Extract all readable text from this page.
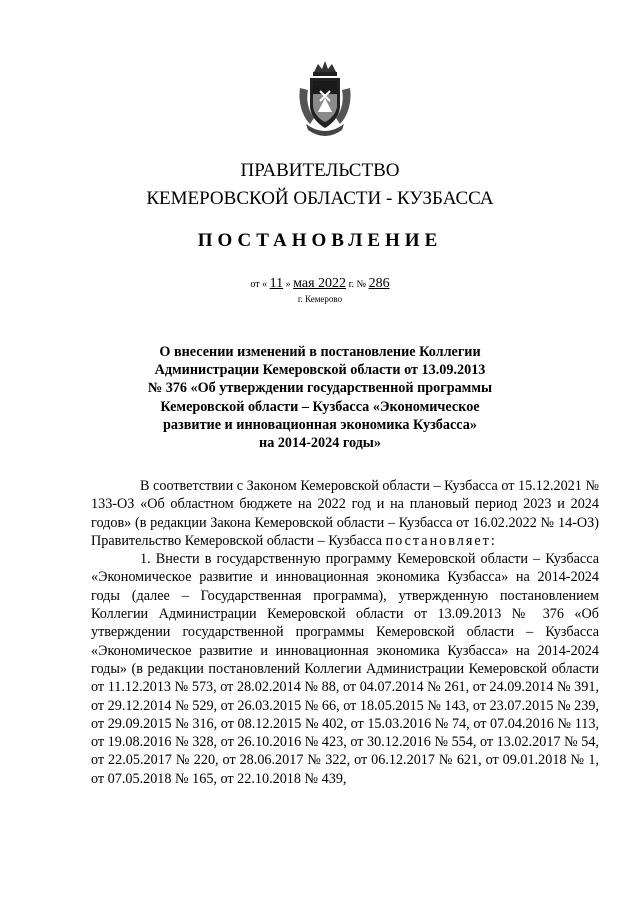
ПРАВИТЕЛЬСТВО
КЕМЕРОВСКОЙ ОБЛАСТИ - КУЗБАССА
ПОСТАНОВЛЕНИЕ
от « 11 » мая 2022 г. № 286
г. Кемерово
О внесении изменений в постановление Коллегии
Администрации Кемеровской области от 13.09.2013
№ 376 «Об утверждении государственной программы
Кемеровской области – Кузбасса «Экономическое
развитие и инновационная экономика Кузбасса»
на 2014-2024 годы»

В соответствии с Законом Кемеровской области – Кузбасса от 15.12.2021 № 133-ОЗ «Об областном бюджете на 2022 год и на плановый период 2023 и 2024 годов» (в редакции Закона Кемеровской области – Кузбасса от 16.02.2022 № 14-ОЗ) Правительство Кемеровской области – Кузбасса постановляет:

1. Внести в государственную программу Кемеровской области – Кузбасса «Экономическое развитие и инновационная экономика Кузбасса» на 2014-2024 годы (далее – Государственная программа), утвержденную постановлением Коллегии Администрации Кемеровской области от 13.09.2013 № 376 «Об утверждении государственной программы Кемеровской области – Кузбасса «Экономическое развитие и инновационная экономика Кузбасса» на 2014-2024 годы» (в редакции постановлений Коллегии Администрации Кемеровской области от 11.12.2013 № 573, от 28.02.2014 № 88, от 04.07.2014 № 261, от 24.09.2014 № 391, от 29.12.2014 № 529, от 26.03.2015 № 66, от 18.05.2015 № 143, от 23.07.2015 № 239, от 29.09.2015 № 316, от 08.12.2015 № 402, от 15.03.2016 № 74, от 07.04.2016 № 113, от 19.08.2016 № 328, от 26.10.2016 № 423, от 30.12.2016 № 554, от 13.02.2017 № 54, от 22.05.2017 № 220, от 28.06.2017 № 322, от 06.12.2017 № 621, от 09.01.2018 № 1, от 07.05.2018 № 165, от 22.10.2018 № 439,
